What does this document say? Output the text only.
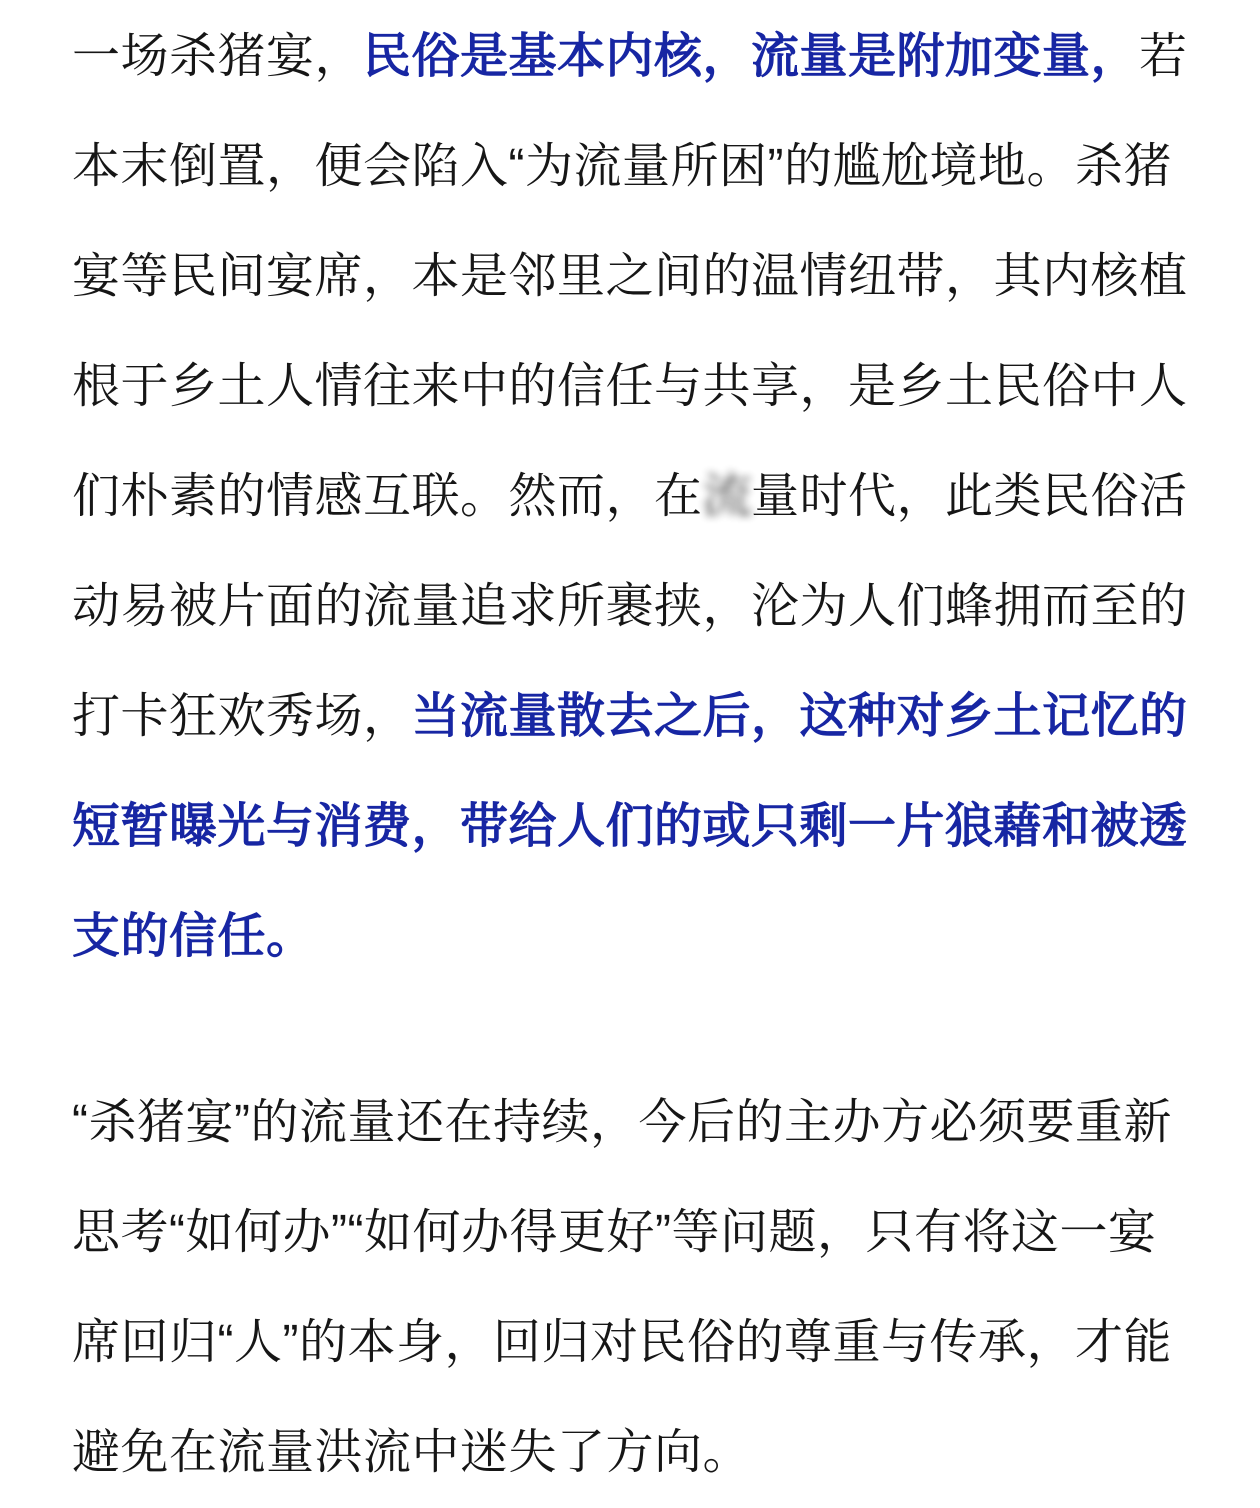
一场杀猪宴，民俗是基本内核，流量是附加变量，若本末倒置，便会陷入“为流量所困”的尴尬境地。杀猪宴等民间宴席，本是邻里之间的温情纽带，其内核植根于乡土人情往来中的信任与共享，是乡土民俗中人们朴素的情感互联。然而，在流量时代，此类民俗活动易被片面的流量追求所裹挟，沦为人们蜂拥而至的打卡狂欢秀场，当流量散去之后，这种对乡土记忆的短暂曝光与消费，带给人们的或只剩一片狼藉和被透支的信任。

“杀猪宴”的流量还在持续，今后的主办方必须要重新思考“如何办”“如何办得更好”等问题，只有将这一宴席回归“人”的本身，回归对民俗的尊重与传承，才能避免在流量洪流中迷失了方向。
